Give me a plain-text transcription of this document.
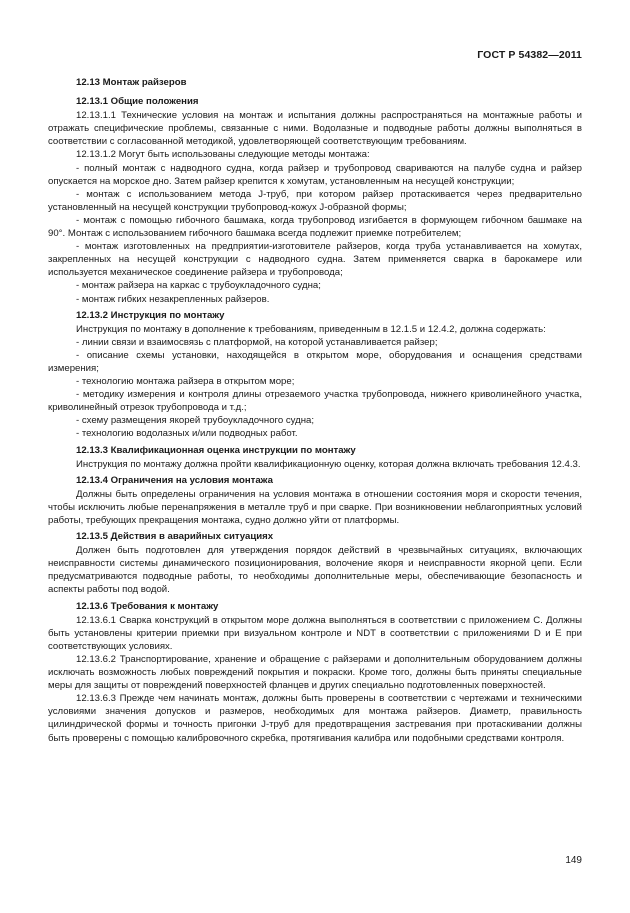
ГОСТ Р 54382—2011

12.13 Монтаж райзеров

12.13.1 Общие положения

12.13.1.1 Технические условия на монтаж и испытания должны распространяться на монтажные работы и отражать специфические проблемы, связанные с ними. Водолазные и подводные работы должны выполняться в соответствии с согласованной методикой, удовлетворяющей соответствующим требованиям.

12.13.1.2 Могут быть использованы следующие методы монтажа:

- полный монтаж с надводного судна, когда райзер и трубопровод свариваются на палубе судна и райзер опускается на морское дно. Затем райзер крепится к хомутам, установленным на несущей конструкции;

- монтаж с использованием метода J-труб, при котором райзер протаскивается через предварительно установленный на несущей конструкции трубопровод-кожух J-образной формы;

- монтаж с помощью гибочного башмака, когда трубопровод изгибается в формующем гибочном башмаке на 90°. Монтаж с использованием гибочного башмака всегда подлежит приемке потребителем;

- монтаж изготовленных на предприятии-изготовителе райзеров, когда труба устанавливается на хомутах, закрепленных на несущей конструкции с надводного судна. Затем применяется сварка в барокамере или используется механическое соединение райзера и трубопровода;

- монтаж райзера на каркас с трубоукладочного судна;

- монтаж гибких незакрепленных райзеров.

12.13.2 Инструкция по монтажу

Инструкция по монтажу в дополнение к требованиям, приведенным в 12.1.5 и 12.4.2, должна содержать:

- линии связи и взаимосвязь с платформой, на которой устанавливается райзер;

- описание схемы установки, находящейся в открытом море, оборудования и оснащения средствами измерения;

- технологию монтажа райзера в открытом море;

- методику измерения и контроля длины отрезаемого участка трубопровода, нижнего криволинейного участка, криволинейный отрезок трубопровода и т.д.;

- схему размещения якорей трубоукладочного судна;

- технологию водолазных и/или подводных работ.

12.13.3 Квалификационная оценка инструкции по монтажу

Инструкция по монтажу должна пройти квалификационную оценку, которая должна включать требования 12.4.3.

12.13.4 Ограничения на условия монтажа

Должны быть определены ограничения на условия монтажа в отношении состояния моря и скорости течения, чтобы исключить любые перенапряжения в металле труб и при сварке. При возникновении неблагоприятных условий работы, требующих прекращения монтажа, судно должно уйти от платформы.

12.13.5 Действия в аварийных ситуациях

Должен быть подготовлен для утверждения порядок действий в чрезвычайных ситуациях, включающих неисправности системы динамического позиционирования, волочение якоря и неисправности якорной цепи. Если предусматриваются подводные работы, то необходимы дополнительные меры, обеспечивающие безопасность и аспекты работы под водой.

12.13.6 Требования к монтажу

12.13.6.1 Сварка конструкций в открытом море должна выполняться в соответствии с приложением С. Должны быть установлены критерии приемки при визуальном контроле и NDT в соответствии с приложениями D и Е при соответствующих условиях.

12.13.6.2 Транспортирование, хранение и обращение с райзерами и дополнительным оборудованием должны исключать возможность любых повреждений покрытия и покраски. Кроме того, должны быть приняты специальные меры для защиты от повреждений поверхностей фланцев и других специально подготовленных поверхностей.

12.13.6.3 Прежде чем начинать монтаж, должны быть проверены в соответствии с чертежами и техническими условиями значения допусков и размеров, необходимых для монтажа райзеров. Диаметр, правильность цилиндрической формы и точность пригонки J-труб для предотвращения застревания при протаскивании должны быть проверены с помощью калибровочного скребка, протягивания калибра или подобными средствами контроля.

149
